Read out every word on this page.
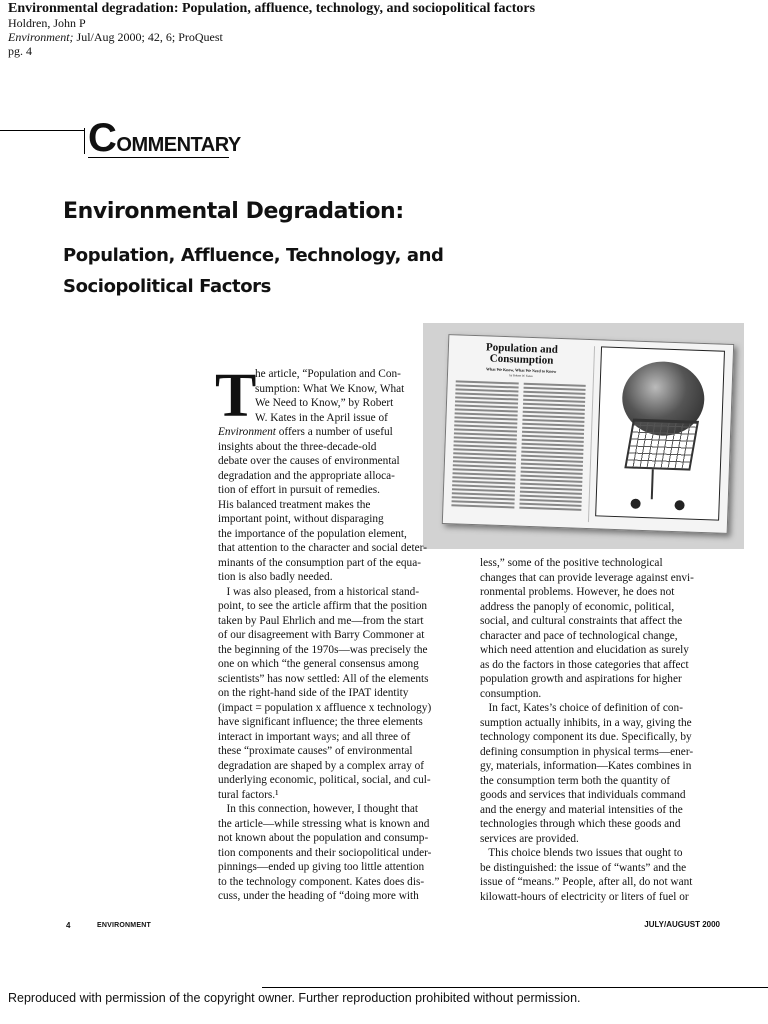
Environmental degradation: Population, affluence, technology, and sociopolitical factors
Holdren, John P
Environment; Jul/Aug 2000; 42, 6; ProQuest
pg. 4
COMMENTARY
Environmental Degradation:
Population, Affluence, Technology, and Sociopolitical Factors
Population and
Consumption
What We Know, What We Need to Know
by Robert W. Kates
T
he article, “Population and Con-
sumption: What We Know, What
We Need to Know,” by Robert
W. Kates in the April issue of
Environment offers a number of useful
insights about the three-decade-old
debate over the causes of environmental
degradation and the appropriate alloca-
tion of effort in pursuit of remedies.
His balanced treatment makes the
important point, without disparaging
the importance of the population element,
that attention to the character and social deter-
minants of the consumption part of the equa-
tion is also badly needed.
I was also pleased, from a historical stand-
point, to see the article affirm that the position
taken by Paul Ehrlich and me—from the start
of our disagreement with Barry Commoner at
the beginning of the 1970s—was precisely the
one on which “the general consensus among
scientists” has now settled: All of the elements
on the right-hand side of the IPAT identity
(impact = population x affluence x technology)
have significant influence; the three elements
interact in important ways; and all three of
these “proximate causes” of environmental
degradation are shaped by a complex array of
underlying economic, political, social, and cul-
tural factors.¹
In this connection, however, I thought that
the article—while stressing what is known and
not known about the population and consump-
tion components and their sociopolitical under-
pinnings—ended up giving too little attention
to the technology component. Kates does dis-
cuss, under the heading of “doing more with
less,” some of the positive technological
changes that can provide leverage against envi-
ronmental problems. However, he does not
address the panoply of economic, political,
social, and cultural constraints that affect the
character and pace of technological change,
which need attention and elucidation as surely
as do the factors in those categories that affect
population growth and aspirations for higher
consumption.
In fact, Kates’s choice of definition of con-
sumption actually inhibits, in a way, giving the
technology component its due. Specifically, by
defining consumption in physical terms—ener-
gy, materials, information—Kates combines in
the consumption term both the quantity of
goods and services that individuals command
and the energy and material intensities of the
technologies through which these goods and
services are provided.
This choice blends two issues that ought to
be distinguished: the issue of “wants” and the
issue of “means.” People, after all, do not want
kilowatt-hours of electricity or liters of fuel or
4	ENVIRONMENT	JULY/AUGUST 2000
Reproduced with permission of the copyright owner. Further reproduction prohibited without permission.
